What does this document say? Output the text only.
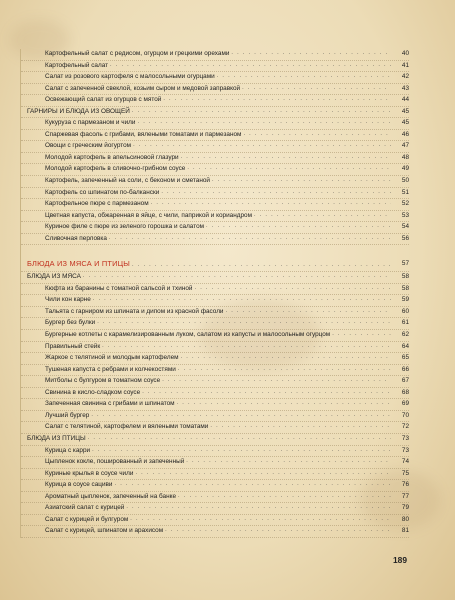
Картофельный салат с редисом, огурцом и грецкими орехами . . .	40
Картофельный салат . . .	41
Салат из розового картофеля с малосольными огурцами . . .	42
Салат с запеченной свеклой, козьим сыром и медовой заправкой . . .	43
Освежающий салат из огурцов с мятой . . .	44
ГАРНИРЫ И БЛЮДА ИЗ ОВОЩЕЙ . . .	45
Кукуруза с пармезаном и чили . . .	45
Спаржевая фасоль с грибами, вялеными томатами и пармезаном . . .	46
Овощи с греческим йогуртом . . .	47
Молодой картофель в апельсиновой глазури . . .	48
Молодой картофель в сливочно-грибном соусе . . .	49
Картофель, запеченный на соли, с беконом и сметаной . . .	50
Картофель со шпинатом по-балкански . . .	51
Картофельное пюре с пармезаном . . .	52
Цветная капуста, обжаренная в яйце, с чили, паприкой и кориандром . . .	53
Куриное филе с пюре из зеленого горошка и салатом . . .	54
Сливочная перловка . . .	56
БЛЮДА ИЗ МЯСА И ПТИЦЫ . . .	57
БЛЮДА ИЗ МЯСА . . .	58
Кюфта из баранины с томатной сальсой и тхиной . . .	58
Чили кон карне . . .	59
Тальята с гарниром из шпината и дипом из красной фасоли . . .	60
Бургер без булки . . .	61
Бургерные котлеты с карамелизированным луком, салатом из капусты и малосольным огурцом . . .	62
Правильный стейк . . .	64
Жаркое с телятиной и молодым картофелем . . .	65
Тушеная капуста с ребрами и колчекостями . . .	66
Митболы с булгуром в томатном соусе . . .	67
Свинина в кисло-сладком соусе . . .	68
Запеченная свинина с грибами и шпинатом . . .	69
Лучший бургер . . .	70
Салат с телятиной, картофелем и вялеными томатами . . .	72
БЛЮДА ИЗ ПТИЦЫ . . .	73
Курица с карри . . .	73
Цыпленок кокле, пошированный и запеченный . . .	74
Куриные крылья в соусе чили . . .	75
Курица в соусе сациви . . .	76
Ароматный цыпленок, запеченный на банке . . .	77
Азиатский салат с курицей . . .	79
Салат с курицей и булгуром . . .	80
Салат с курицей, шпинатом и арахисом . . .	81
189
